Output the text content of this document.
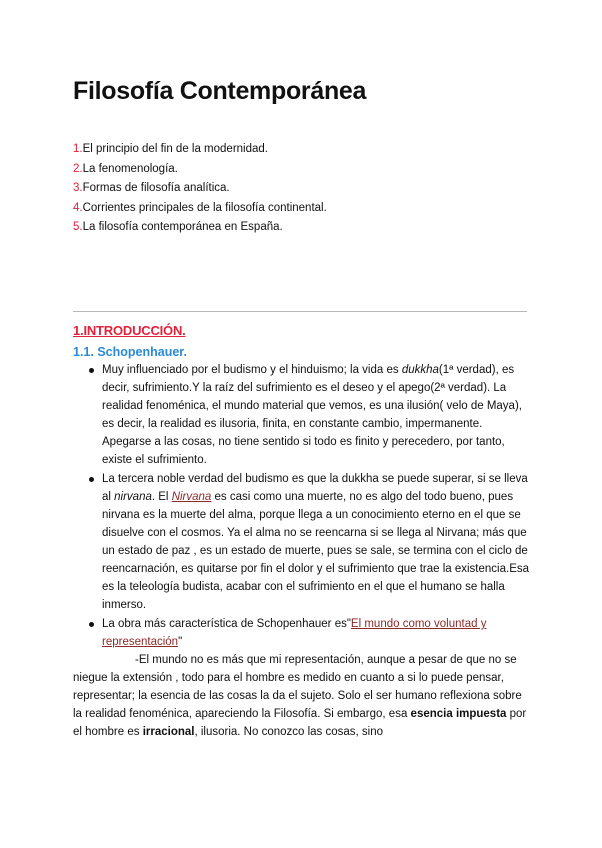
Filosofía Contemporánea
1.El principio del fin de la modernidad.
2.La fenomenología.
3.Formas de filosofía analítica.
4.Corrientes principales de la filosofía continental.
5.La filosofía contemporánea en España.
1.INTRODUCCIÓN.
1.1. Schopenhauer.

Muy influenciado por el budismo y el hinduismo; la vida es dukkha(1ª verdad), es decir, sufrimiento.Y la raíz del sufrimiento es el deseo y el apego(2ª verdad). La realidad fenoménica, el mundo material que vemos, es una ilusión( velo de Maya), es decir, la realidad es ilusoria, finita, en constante cambio, impermanente. Apegarse a las cosas, no tiene sentido si todo es finito y perecedero, por tanto, existe el sufrimiento.

La tercera noble verdad del budismo es que la dukkha se puede superar, si se lleva al nirvana. El Nirvana es casi como una muerte, no es algo del todo bueno, pues nirvana es la muerte del alma, porque llega a un conocimiento eterno en el que se disuelve con el cosmos. Ya el alma no se reencarna si se llega al Nirvana; más que un estado de paz , es un estado de muerte, pues se sale, se termina con el ciclo de reencarnación, es quitarse por fin el dolor y el sufrimiento que trae la existencia.Esa es la teleología budista, acabar con el sufrimiento en el que el humano se halla inmerso.

La obra más característica de Schopenhauer es"El mundo como voluntad y representación"

-El mundo no es más que mi representación, aunque a pesar de que no se niegue la extensión , todo para el hombre es medido en cuanto a si lo puede pensar, representar; la esencia de las cosas la da el sujeto. Solo el ser humano reflexiona sobre la realidad fenoménica, apareciendo la Filosofía. Si embargo, esa esencia impuesta por el hombre es irracional, ilusoria. No conozco las cosas, sino
